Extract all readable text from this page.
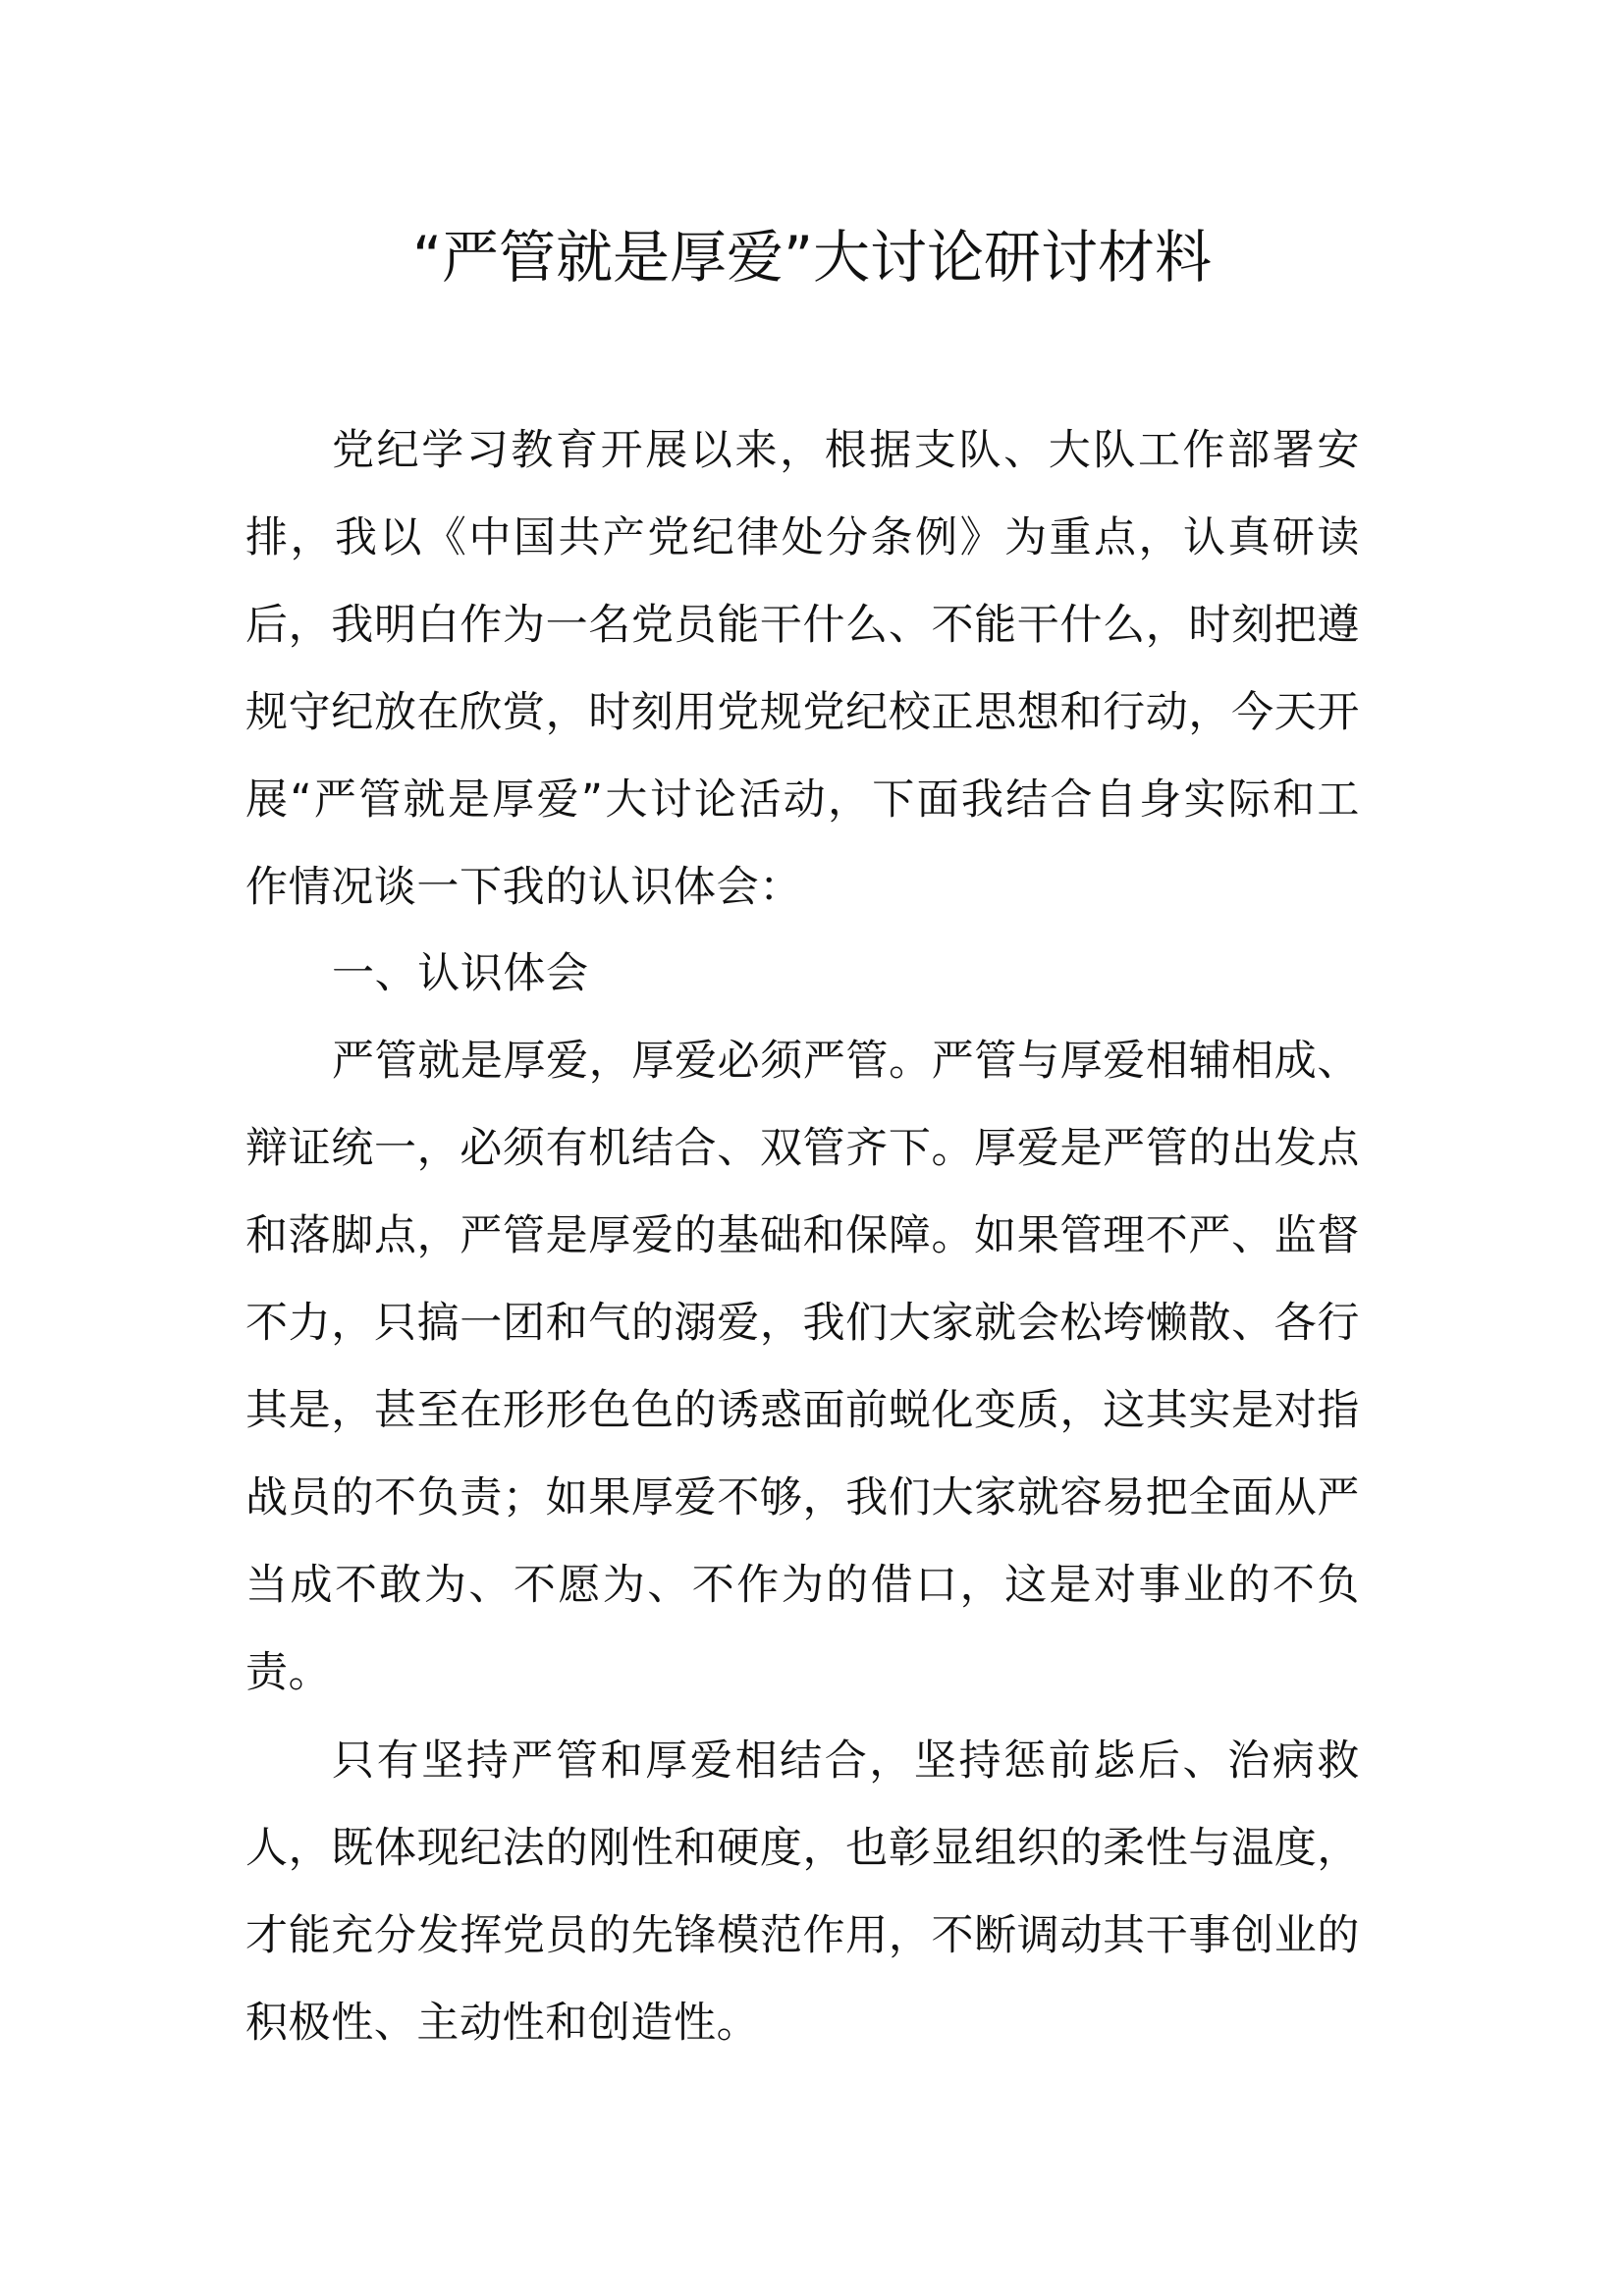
“严管就是厚爱”大讨论研讨材料

党纪学习教育开展以来，根据支队、大队工作部署安排，我以《中国共产党纪律处分条例》为重点，认真研读后，我明白作为一名党员能干什么、不能干什么，时刻把遵规守纪放在欣赏，时刻用党规党纪校正思想和行动，今天开展“严管就是厚爱”大讨论活动，下面我结合自身实际和工作情况谈一下我的认识体会：

一、认识体会

严管就是厚爱，厚爱必须严管。严管与厚爱相辅相成、辩证统一，必须有机结合、双管齐下。厚爱是严管的出发点和落脚点，严管是厚爱的基础和保障。如果管理不严、监督不力，只搞一团和气的溺爱，我们大家就会松垮懒散、各行其是，甚至在形形色色的诱惑面前蜕化变质，这其实是对指战员的不负责；如果厚爱不够，我们大家就容易把全面从严当成不敢为、不愿为、不作为的借口，这是对事业的不负责。

只有坚持严管和厚爱相结合，坚持惩前毖后、治病救人，既体现纪法的刚性和硬度，也彰显组织的柔性与温度，才能充分发挥党员的先锋模范作用，不断调动其干事创业的积极性、主动性和创造性。
